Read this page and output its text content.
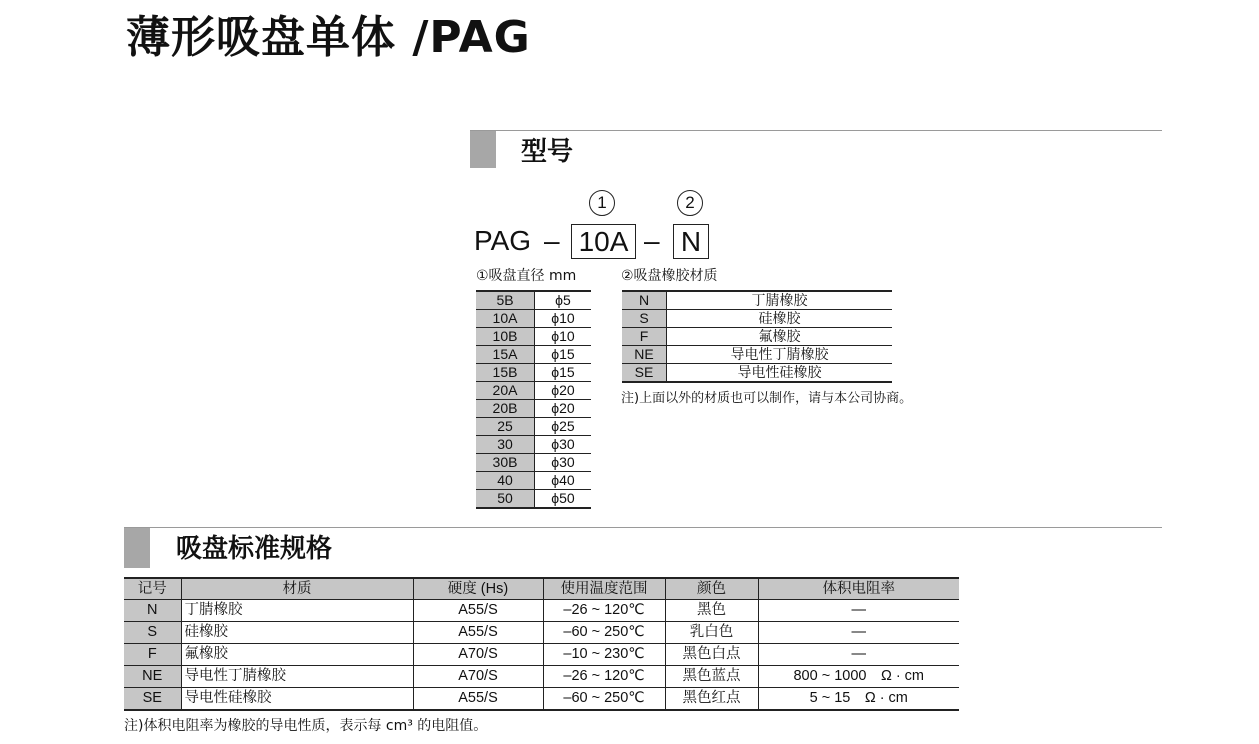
薄形吸盘单体 /PAG
型号
1	2
PAG – 10A – N
①吸盘直径 mm	②吸盘橡胶材质
5B	ϕ5
10A	ϕ10
10B	ϕ10
15A	ϕ15
15B	ϕ15
20A	ϕ20
20B	ϕ20
25	ϕ25
30	ϕ30
30B	ϕ30
40	ϕ40
50	ϕ50
N	丁腈橡胶
S	硅橡胶
F	氟橡胶
NE	导电性丁腈橡胶
SE	导电性硅橡胶
注)上面以外的材质也可以制作，请与本公司协商。
吸盘标准规格
记号	材质	硬度 (Hs)	使用温度范围	颜色	体积电阻率
N	丁腈橡胶	A55/S	–26 ~ 120℃	黑色	—
S	硅橡胶	A55/S	–60 ~ 250℃	乳白色	—
F	氟橡胶	A70/S	–10 ~ 230℃	黑色白点	—
NE	导电性丁腈橡胶	A70/S	–26 ~ 120℃	黑色蓝点	800 ~ 1000　Ω · cm
SE	导电性硅橡胶	A55/S	–60 ~ 250℃	黑色红点	5 ~ 15　Ω · cm
注)体积电阻率为橡胶的导电性质，表示每 cm³ 的电阻值。
